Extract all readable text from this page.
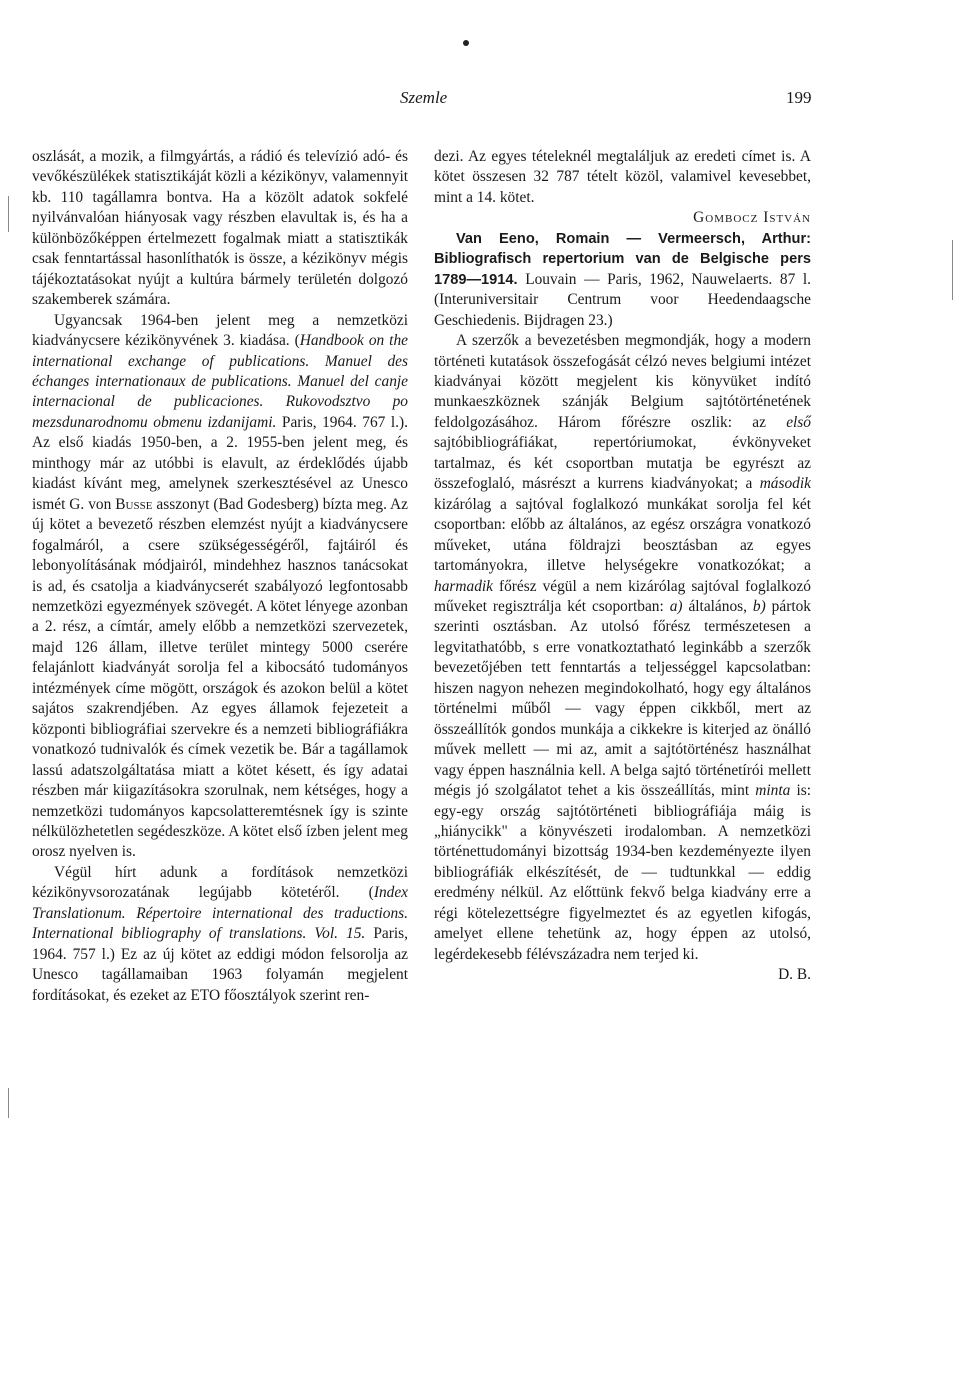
Szemle	199

oszlását, a mozik, a filmgyártás, a rádió és televízió adó- és vevőkészülékek statisztikáját közli a kézikönyv, valamennyit kb. 110 tagállamra bontva. Ha a közölt adatok sokfelé nyilvánvalóan hiányosak vagy részben elavultak is, és ha a különbözőképpen értelmezett fogalmak miatt a statisztikák csak fenntartással hasonlíthatók is össze, a kézikönyv mégis tájékoztatásokat nyújt a kultúra bármely területén dolgozó szakemberek számára.

Ugyancsak 1964-ben jelent meg a nemzetközi kiadványcsere kézikönyvének 3. kiadása. (Handbook on the international exchange of publications. Manuel des échanges internationaux de publications. Manuel del canje internacional de publicaciones. Rukovodsztvo po mezsdunarodnomu obmenu izdanijami. Paris, 1964. 767 l.). Az első kiadás 1950-ben, a 2. 1955-ben jelent meg, és minthogy már az utóbbi is elavult, az érdeklődés újabb kiadást kívánt meg, amelynek szerkesztésével az Unesco ismét G. von Busse asszonyt (Bad Godesberg) bízta meg. Az új kötet a bevezető részben elemzést nyújt a kiadványcsere fogalmáról, a csere szükségességéről, fajtáiról és lebonyolításának módjairól, mindehhez hasznos tanácsokat is ad, és csatolja a kiadványcserét szabályozó legfontosabb nemzetközi egyezmények szövegét. A kötet lényege azonban a 2. rész, a címtár, amely előbb a nemzetközi szervezetek, majd 126 állam, illetve terület mintegy 5000 cserére felajánlott kiadványát sorolja fel a kibocsátó tudományos intézmények címe mögött, országok és azokon belül a kötet sajátos szakrendjében. Az egyes államok fejezeteit a központi bibliográfiai szervekre és a nemzeti bibliográfiákra vonatkozó tudnivalók és címek vezetik be. Bár a tagállamok lassú adatszolgáltatása miatt a kötet késett, és így adatai részben már kiigazításokra szorulnak, nem kétséges, hogy a nemzetközi tudományos kapcsolatteremtésnek így is szinte nélkülözhetetlen segédeszköze. A kötet első ízben jelent meg orosz nyelven is.

Végül hírt adunk a fordítások nemzetközi kézikönyvsorozatának legújabb kötetéről. (Index Translationum. Répertoire international des traductions. International bibliography of translations. Vol. 15. Paris, 1964. 757 l.) Ez az új kötet az eddigi módon felsorolja az Unesco tagállamaiban 1963 folyamán megjelent fordításokat, és ezeket az ETO főosztályok szerint ren-

dezi. Az egyes tételeknél megtaláljuk az eredeti címet is. A kötet összesen 32 787 tételt közöl, valamivel kevesebbet, mint a 14. kötet.

Gombocz István

Van Eeno, Romain — Vermeersch, Arthur: Bibliografisch repertorium van de Belgische pers 1789—1914. Louvain — Paris, 1962, Nauwelaerts. 87 l. (Interuniversitair Centrum voor Heedendaagsche Geschiedenis. Bijdragen 23.)

A szerzők a bevezetésben megmondják, hogy a modern történeti kutatások összefogását célzó neves belgiumi intézet kiadványai között megjelent kis könyvüket indító munkaeszköznek szánják Belgium sajtótörténetének feldolgozásához. Három főrészre oszlik: az első sajtóbibliográfiákat, repertóriumokat, évkönyveket tartalmaz, és két csoportban mutatja be egyrészt az összefoglaló, másrészt a kurrens kiadványokat; a második kizárólag a sajtóval foglalkozó munkákat sorolja fel két csoportban: előbb az általános, az egész országra vonatkozó műveket, utána földrajzi beosztásban az egyes tartományokra, illetve helységekre vonatkozókat; a harmadik főrész végül a nem kizárólag sajtóval foglalkozó műveket regisztrálja két csoportban: a) általános, b) pártok szerinti osztásban. Az utolsó főrész természetesen a legvitathatóbb, s erre vonatkoztatható leginkább a szerzők bevezetőjében tett fenntartás a teljességgel kapcsolatban: hiszen nagyon nehezen megindokolható, hogy egy általános történelmi műből — vagy éppen cikkből, mert az összeállítók gondos munkája a cikkekre is kiterjed az önálló művek mellett — mi az, amit a sajtótörténész használhat vagy éppen használnia kell. A belga sajtó történetírói mellett mégis jó szolgálatot tehet a kis összeállítás, mint minta is: egy-egy ország sajtótörténeti bibliográfiája máig is „hiánycikk" a könyvészeti irodalomban. A nemzetközi történettudományi bizottság 1934-ben kezdeményezte ilyen bibliográfiák elkészítését, de — tudtunkkal — eddig eredmény nélkül. Az előttünk fekvő belga kiadvány erre a régi kötelezettségre figyelmeztet és az egyetlen kifogás, amelyet ellene tehetünk az, hogy éppen az utolsó, legérdekesebb félévszázadra nem terjed ki.

D. B.
